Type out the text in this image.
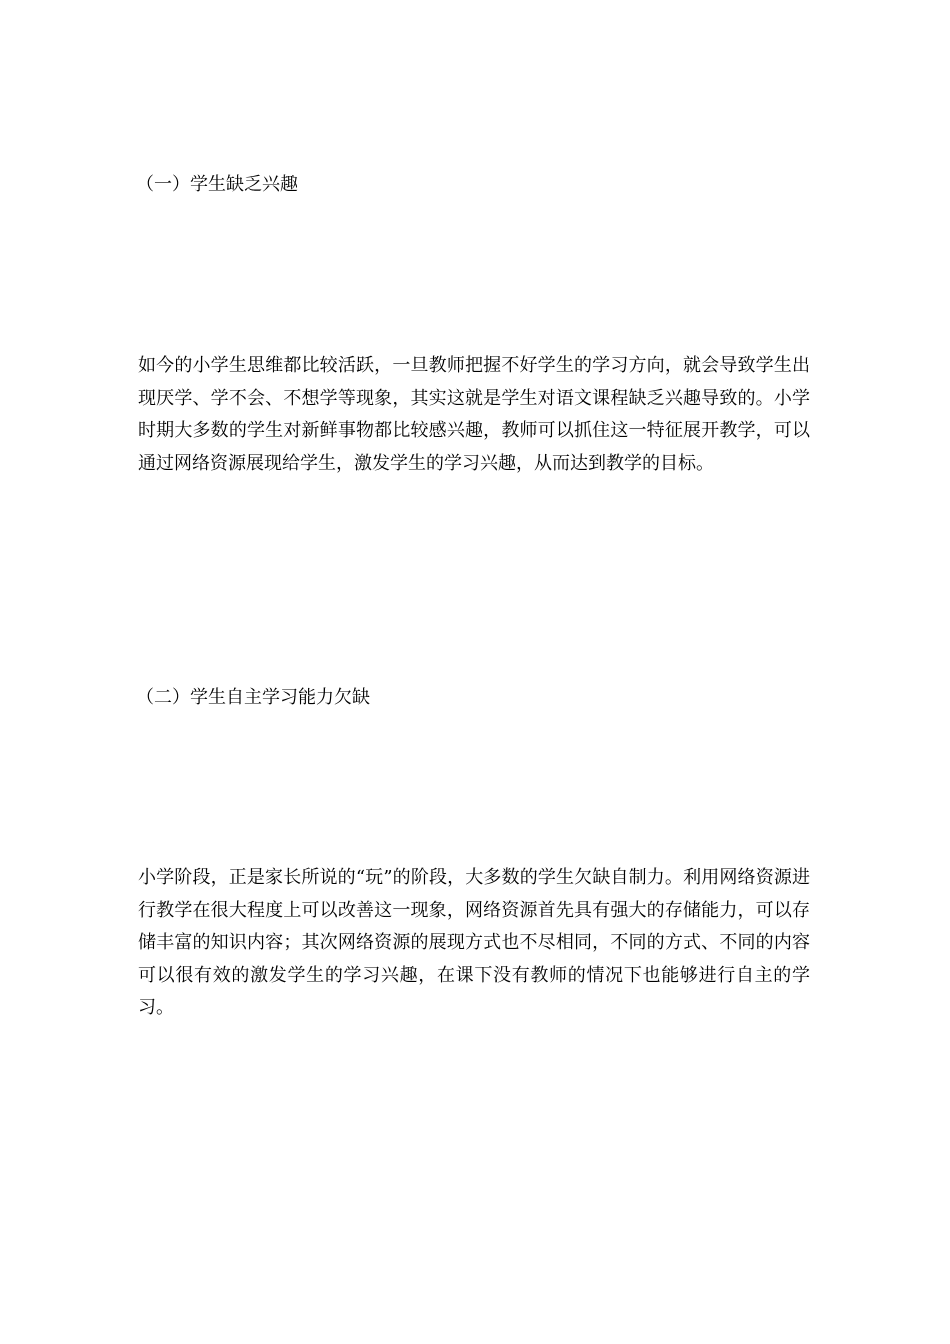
（一）学生缺乏兴趣

如今的小学生思维都比较活跃，一旦教师把握不好学生的学习方向，就会导致学生出现厌学、学不会、不想学等现象，其实这就是学生对语文课程缺乏兴趣导致的。小学时期大多数的学生对新鲜事物都比较感兴趣，教师可以抓住这一特征展开教学，可以通过网络资源展现给学生，激发学生的学习兴趣，从而达到教学的目标。

（二）学生自主学习能力欠缺

小学阶段，正是家长所说的“玩”的阶段，大多数的学生欠缺自制力。利用网络资源进行教学在很大程度上可以改善这一现象，网络资源首先具有强大的存储能力，可以存储丰富的知识内容；其次网络资源的展现方式也不尽相同，不同的方式、不同的内容可以很有效的激发学生的学习兴趣，在课下没有教师的情况下也能够进行自主的学习。
